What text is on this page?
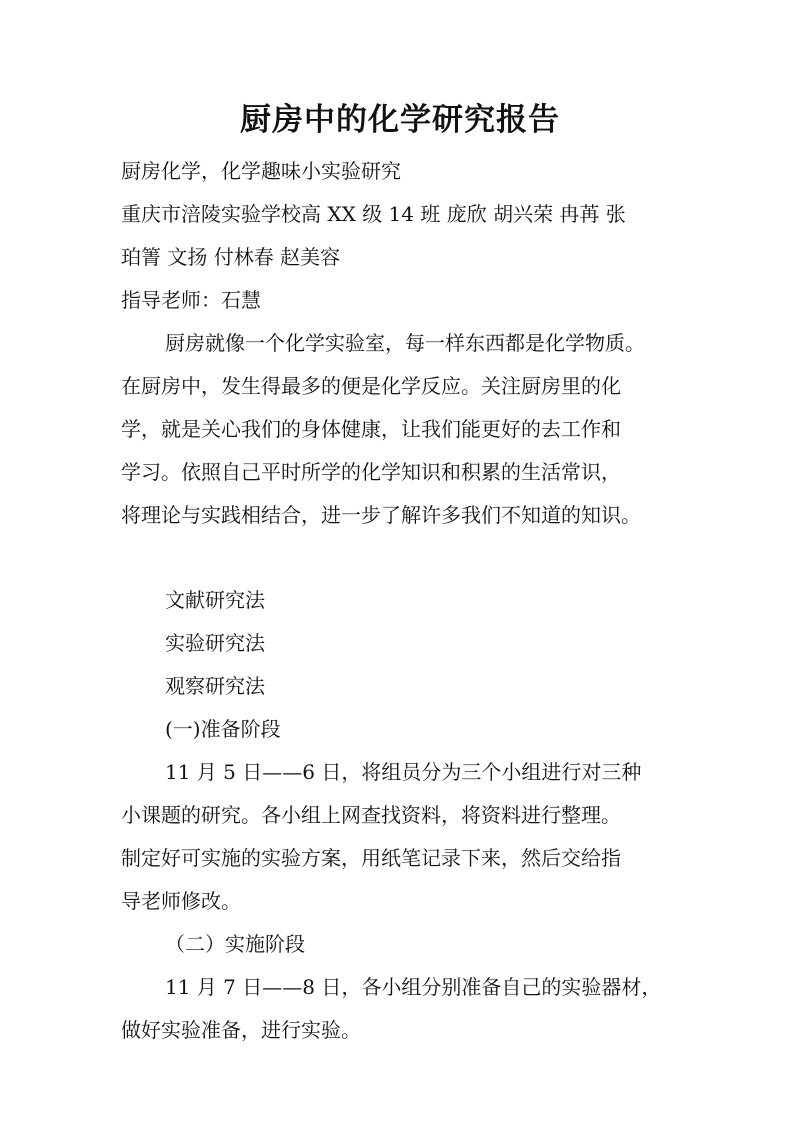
厨房中的化学研究报告
厨房化学，化学趣味小实验研究
重庆市涪陵实验学校高 XX 级 14 班 庞欣 胡兴荣 冉苒 张
珀箐 文扬 付林春 赵美容
指导老师：石慧
厨房就像一个化学实验室，每一样东西都是化学物质。
在厨房中，发生得最多的便是化学反应。关注厨房里的化
学，就是关心我们的身体健康，让我们能更好的去工作和
学习。依照自己平时所学的化学知识和积累的生活常识，
将理论与实践相结合，进一步了解许多我们不知道的知识。
文献研究法
实验研究法
观察研究法
(一)准备阶段
11 月 5 日——6 日，将组员分为三个小组进行对三种
小课题的研究。各小组上网查找资料，将资料进行整理。
制定好可实施的实验方案，用纸笔记录下来，然后交给指
导老师修改。
（二）实施阶段
11 月 7 日——8 日，各小组分别准备自己的实验器材，
做好实验准备，进行实验。
